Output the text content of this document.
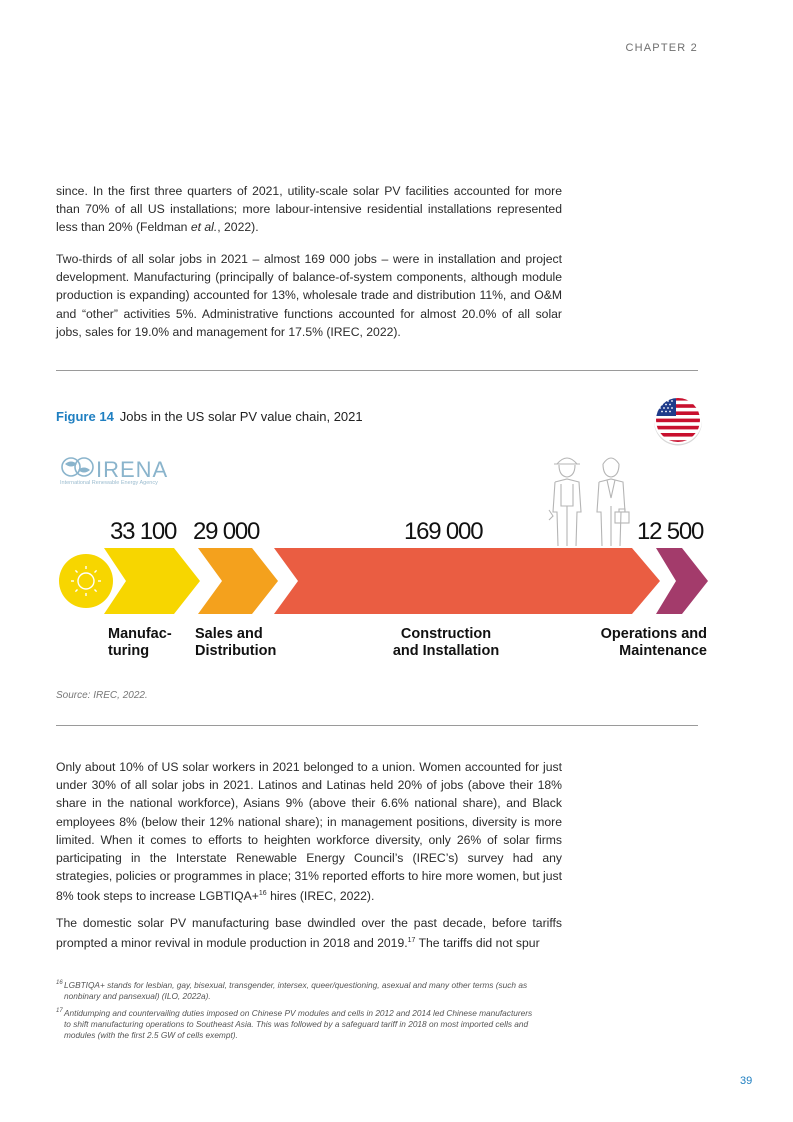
CHAPTER 2

since. In the first three quarters of 2021, utility-scale solar PV facilities accounted for more than 70% of all US installations; more labour-intensive residential installations represented less than 20% (Feldman et al., 2022).

Two-thirds of all solar jobs in 2021 – almost 169 000 jobs – were in installation and project development. Manufacturing (principally of balance-of-system components, although module production is expanding) accounted for 13%, wholesale trade and distribution 11%, and O&M and “other” activities 5%. Administrative functions accounted for almost 20.0% of all solar jobs, sales for 19.0% and management for 17.5% (IREC, 2022).

Figure 14 Jobs in the US solar PV value chain, 2021
IRENA
International Renewable Energy Agency
33 100 29 000	169 000	12 500
Manufac-
turing
Sales and
Distribution
Construction
and Installation
Operations and
Maintenance
Source: IREC, 2022.

Only about 10% of US solar workers in 2021 belonged to a union. Women accounted for just under 30% of all solar jobs in 2021. Latinos and Latinas held 20% of jobs (above their 18% share in the national workforce), Asians 9% (above their 6.6% national share), and Black employees 8% (below their 12% national share); in management positions, diversity is more limited. When it comes to efforts to heighten workforce diversity, only 26% of solar firms participating in the Interstate Renewable Energy Council’s (IREC’s) survey had any strategies, policies or programmes in place; 31% reported efforts to hire more women, but just 8% took steps to increase LGBTIQA+$^{16}$ hires (IREC, 2022).

The domestic solar PV manufacturing base dwindled over the past decade, before tariffs prompted a minor revival in module production in 2018 and 2019.17 The tariffs did not spur

16 LGBTIQA+ stands for lesbian, gay, bisexual, transgender, intersex, queer/questioning, asexual and many other terms (such as nonbinary and pansexual) (ILO, 2022a).

17 Antidumping and countervailing duties imposed on Chinese PV modules and cells in 2012 and 2014 led Chinese manufacturers to shift manufacturing operations to Southeast Asia. This was followed by a safeguard tariff in 2018 on most imported cells and modules (with the first 2.5 GW of cells exempt).

39
